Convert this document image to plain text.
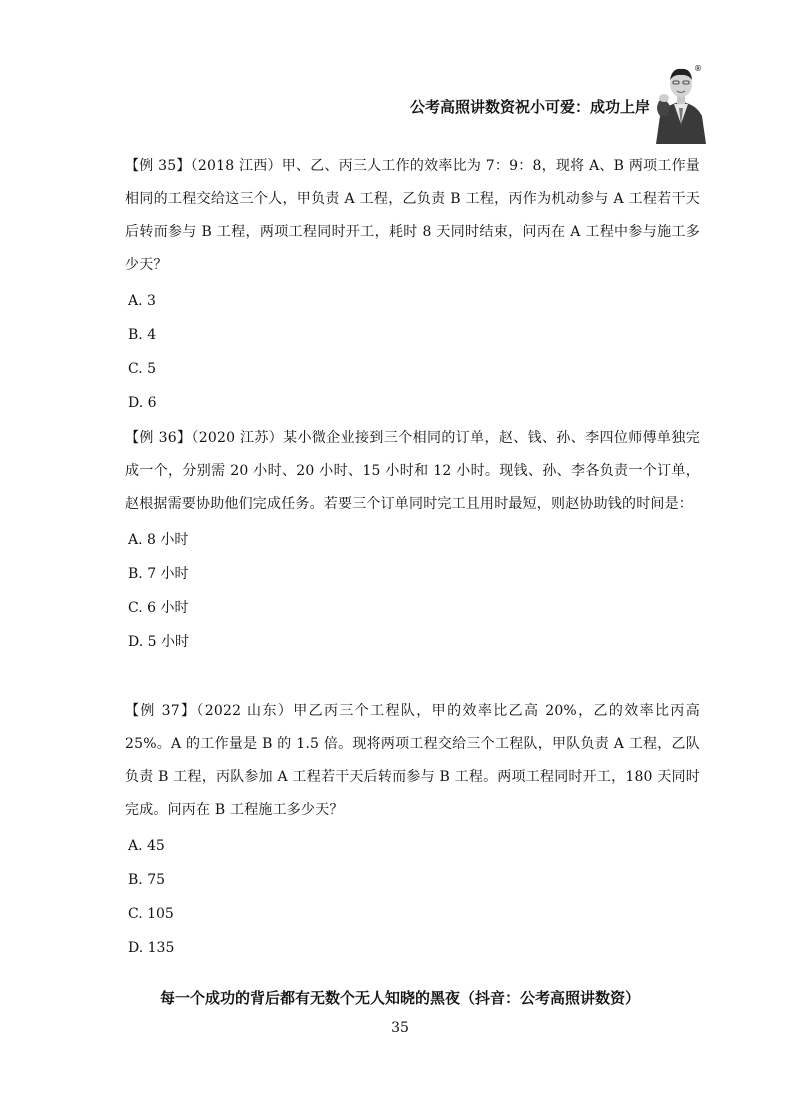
公考高照讲数资祝小可爱：成功上岸
®
【例 35】（2018 江西）甲、乙、丙三人工作的效率比为 7：9：8，现将 A、B 两项工作量相同的工程交给这三个人，甲负责 A 工程，乙负责 B 工程，丙作为机动参与 A 工程若干天后转而参与 B 工程，两项工程同时开工，耗时 8 天同时结束，问丙在 A 工程中参与施工多少天？
A. 3
B. 4
C. 5
D. 6
【例 36】（2020 江苏）某小微企业接到三个相同的订单，赵、钱、孙、李四位师傅单独完成一个，分别需 20 小时、20 小时、15 小时和 12 小时。现钱、孙、李各负责一个订单，赵根据需要协助他们完成任务。若要三个订单同时完工且用时最短，则赵协助钱的时间是：
A. 8 小时
B. 7 小时
C. 6 小时
D. 5 小时
【例 37】（2022 山东）甲乙丙三个工程队，甲的效率比乙高 20%，乙的效率比丙高 25%。A 的工作量是 B 的 1.5 倍。现将两项工程交给三个工程队，甲队负责 A 工程，乙队负责 B 工程，丙队参加 A 工程若干天后转而参与 B 工程。两项工程同时开工，180 天同时完成。问丙在 B 工程施工多少天？
A. 45
B. 75
C. 105
D. 135
每一个成功的背后都有无数个无人知晓的黑夜（抖音：公考高照讲数资）
35
